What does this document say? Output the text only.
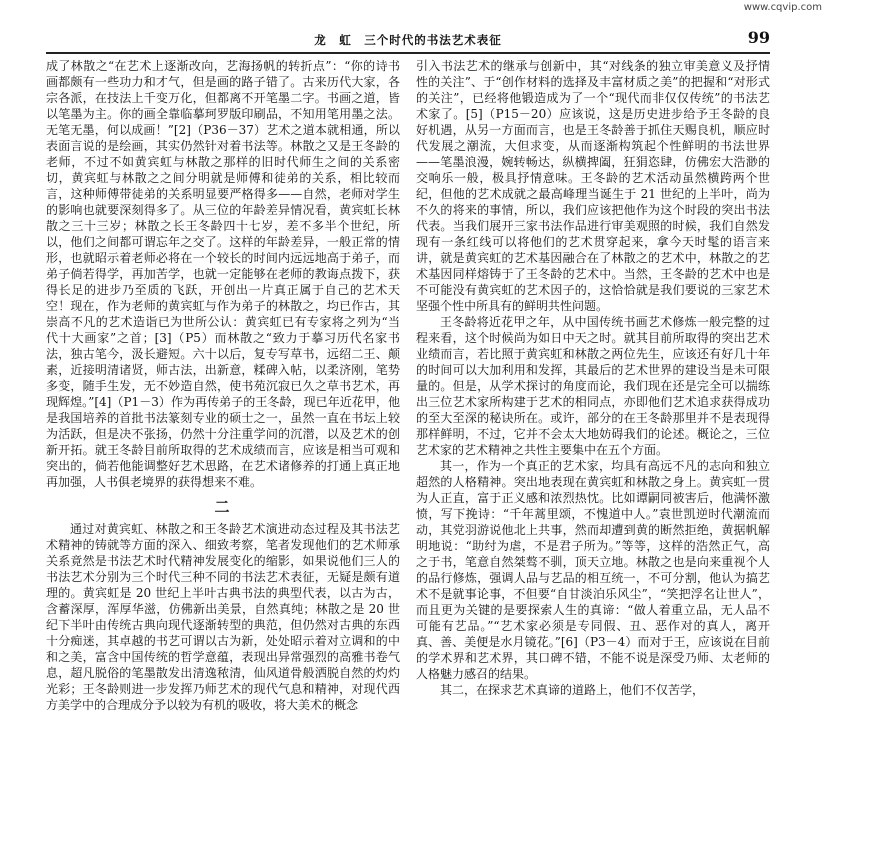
www.cqvip.com
龙　虹　三个时代的书法艺术表征	99

成了林散之“在艺术上逐渐改向，艺海扬帆的转折点”：“你的诗书画都颇有一些功力和才气，但是画的路子错了。古来历代大家，各宗各派，在技法上千变万化，但都离不开笔墨二字。书画之道，皆以笔墨为主。你的画全靠临摹珂罗版印刷品，不知用笔用墨之法。无笔无墨，何以成画！”[2]（P36－37）艺术之道本就相通，所以表面言说的是绘画，其实仍然针对着书法等。林散之又是王冬龄的老师，不过不如黄宾虹与林散之那样的旧时代师生之间的关系密切，黄宾虹与林散之之间分明就是师傅和徒弟的关系，相比较而言，这种师傅带徒弟的关系明显要严格得多——自然，老师对学生的影响也就要深刻得多了。从三位的年龄差异情况看，黄宾虹长林散之三十三岁；林散之长王冬龄四十七岁，差不多半个世纪，所以，他们之间都可谓忘年之交了。这样的年龄差异，一般正常的情形，也就昭示着老师必将在一个较长的时间内远远地高于弟子，而弟子倘若得学，再加苦学，也就一定能够在老师的教诲点拨下，获得长足的进步乃至质的飞跃，开创出一片真正属于自己的艺术天空！现在，作为老师的黄宾虹与作为弟子的林散之，均已作古，其崇高不凡的艺术造诣已为世所公认：黄宾虹已有专家将之列为“当代十大画家”之首；[3]（P5）而林散之“致力于摹习历代名家书法，独古笔今，汲长避短。六十以后，复专写草书，远绍二王、颠素，近接明清诸贤，师古法，出新意，糅碑入帖，以柔济刚，笔势多变，随手生发，无不妙造自然，使书苑沉寂已久之草书艺术，再现辉煌。”[4]（P1－3）作为再传弟子的王冬龄，现已年近花甲，他是我国培养的首批书法篆刻专业的硕士之一，虽然一直在书坛上较为活跃，但是决不张扬，仍然十分注重学问的沉潜，以及艺术的创新开拓。就王冬龄目前所取得的艺术成绩而言，应该是相当可观和突出的，倘若他能调整好艺术思路，在艺术诸修养的打通上真正地再加强，人书俱老境界的获得想来不难。

二

通过对黄宾虹、林散之和王冬龄艺术演进动态过程及其书法艺术精神的铸就等方面的深入、细致考察，笔者发现他们的艺术师承关系竟然是书法艺术时代精神发展变化的缩影，如果说他们三人的书法艺术分别为三个时代三种不同的书法艺术表征，无疑是颇有道理的。黄宾虹是 20 世纪上半叶古典书法的典型代表，以古为古，含蓄深厚，浑厚华滋，仿佛新出美景，自然真纯；林散之是 20 世纪下半叶由传统古典向现代逐渐转型的典范，但仍然对古典的东西十分痴迷，其卓越的书艺可谓以古为新，处处昭示着对立调和的中和之美，富含中国传统的哲学意蕴，表现出异常强烈的高雅书卷气息，超凡脱俗的笔墨散发出清逸秾清，仙风道骨般洒脱自然的灼灼光彩；王冬龄则进一步发挥乃师艺术的现代气息和精神，对现代西方美学中的合理成分予以较为有机的吸收，将大美术的概念

引入书法艺术的继承与创新中，其“对线条的独立审美意义及抒情性的关注”、于“创作材料的选择及丰富材质之美”的把握和“对形式的关注”，已经将他锻造成为了一个“现代而非仅仅传统”的书法艺术家了。[5]（P15－20）应该说，这是历史进步给予王冬龄的良好机遇，从另一方面而言，也是王冬龄善于抓住天赐良机，顺应时代发展之潮流，大但求变，从而逐渐构筑起个性鲜明的书法世界——笔墨浪漫，婉转畅达，纵横捭阖，狂狷恣肆，仿佛宏大浩渺的交响乐一般，极具抒情意味。王冬龄的艺术活动虽然横跨两个世纪，但他的艺术成就之最高峰理当诞生于 21 世纪的上半叶，尚为不久的将来的事情，所以，我们应该把他作为这个时段的突出书法代表。当我们展开三家书法作品进行审美观照的时候，我们自然发现有一条红线可以将他们的艺术贯穿起来，拿今天时髦的语言来讲，就是黄宾虹的艺术基因融合在了林散之的艺术中，林散之的艺术基因同样熔铸于了王冬龄的艺术中。当然，王冬龄的艺术中也是不可能没有黄宾虹的艺术因子的，这恰恰就是我们要说的三家艺术坚强个性中所具有的鲜明共性问题。

王冬龄将近花甲之年，从中国传统书画艺术修炼一般完整的过程来看，这个时候尚为如日中天之时。就其目前所取得的突出艺术业绩而言，若比照于黄宾虹和林散之两位先生，应该还有好几十年的时间可以大加利用和发挥，其最后的艺术世界的建设当是未可限量的。但是，从学术探讨的角度而论，我们现在还是完全可以揣练出三位艺术家所构建于艺术的相同点，亦即他们艺术追求获得成功的至大至深的秘诀所在。或许，部分的在王冬龄那里并不是表现得那样鲜明，不过，它并不会太大地妨碍我们的论述。概论之，三位艺术家的艺术精神之共性主要集中在五个方面。

其一，作为一个真正的艺术家，均具有高远不凡的志向和独立超然的人格精神。突出地表现在黄宾虹和林散之身上。黄宾虹一贯为人正直，富于正义感和浓烈热忱。比如谭嗣同被害后，他满怀激愤，写下挽诗：“千年蒿里颂，不愧道中人。”袁世凯逆时代潮流而动，其党羽游说他北上共事，然而却遭到黄的断然拒绝，黄据帆解明地说：“助纣为虐，不是君子所为。”等等，这样的浩然正气，高之于书，笔意自然桀骜不驯，顶天立地。林散之也是向来重视个人的品行修炼，强调人品与艺品的相互统一，不可分割，他认为搞艺术不是就事论事，不但要“自甘淡泊乐风尘”，“笑把浮名让世人”，而且更为关键的是要探索人生的真谛：“做人着重立品，无人品不可能有艺品。”“艺术家必须是专同假、丑、恶作对的真人，离开真、善、美便是水月镜花。”[6]（P3－4）而对于王，应该说在目前的学术界和艺术界，其口碑不错，不能不说是深受乃师、太老师的人格魅力感召的结果。

其二，在探求艺术真谛的道路上，他们不仅苦学，
